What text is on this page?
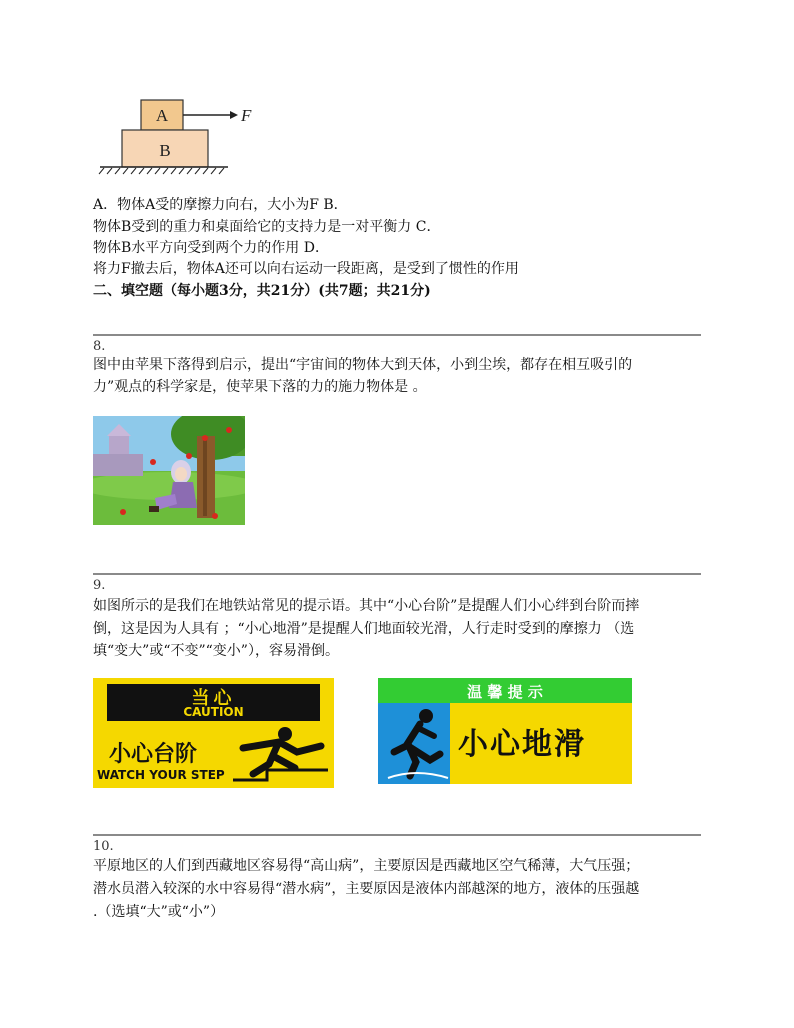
A
B
F
A．物体A受的摩擦力向右，大小为F B．
物体B受到的重力和桌面给它的支持力是一对平衡力 C．
物体B水平方向受到两个力的作用 D．
将力F撤去后，物体A还可以向右运动一段距离，是受到了惯性的作用
二、填空题（每小题3分，共21分）(共7题；共21分)
8.
图中由苹果下落得到启示，提出“宇宙间的物体大到天体，小到尘埃，都存在相互吸引的
力”观点的科学家是，使苹果下落的力的施力物体是 。
9.
如图所示的是我们在地铁站常见的提示语。其中“小心台阶”是提醒人们小心绊到台阶而摔
倒，这是因为人具有 ；“小心地滑”是提醒人们地面较光滑，人行走时受到的摩擦力 （选
填“变大”或“不变”“变小”），容易滑倒。
当心
CAUTION
小心台阶
WATCH YOUR STEP
温 馨 提 示
小心地滑
10.
平原地区的人们到西藏地区容易得“高山病”，主要原因是西藏地区空气稀薄，大气压强；
潜水员潜入较深的水中容易得“潜水病”，主要原因是液体内部越深的地方，液体的压强越
.（选填“大”或“小”）
